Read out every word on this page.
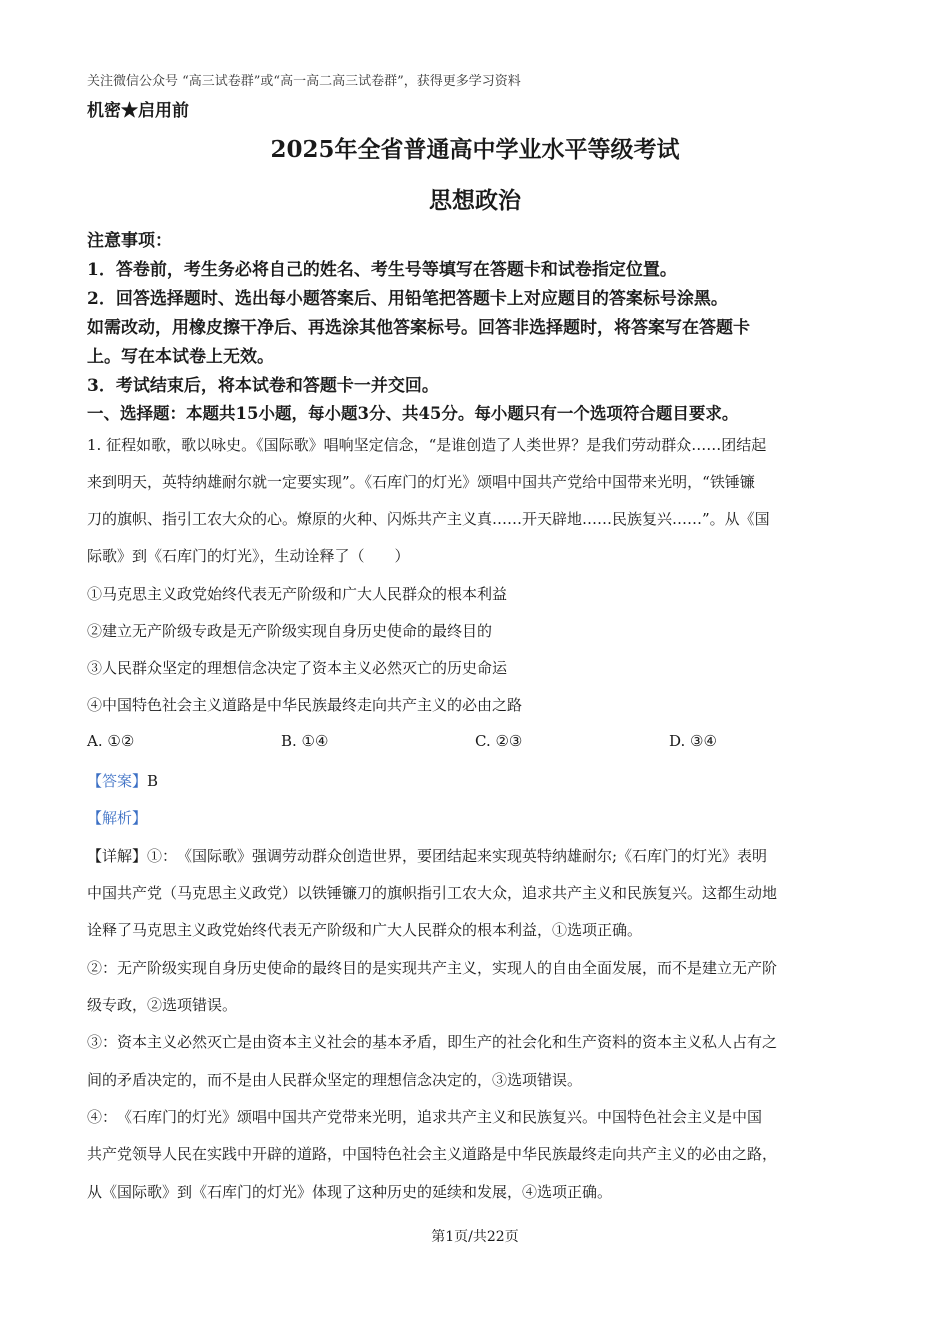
关注微信公众号 “高三试卷群”或“高一高二高三试卷群”，获得更多学习资料
机密★启用前
2025年全省普通高中学业水平等级考试
思想政治
注意事项：
1．答卷前，考生务必将自己的姓名、考生号等填写在答题卡和试卷指定位置。
2．回答选择题时、选出每小题答案后、用铅笔把答题卡上对应题目的答案标号涂黑。
如需改动，用橡皮擦干净后、再选涂其他答案标号。回答非选择题时，将答案写在答题卡
上。写在本试卷上无效。
3．考试结束后，将本试卷和答题卡一并交回。
一、选择题：本题共15小题，每小题3分、共45分。每小题只有一个选项符合题目要求。
1. 征程如歌，歌以咏史。《国际歌》唱响坚定信念，“是谁创造了人类世界？是我们劳动群众……团结起
来到明天，英特纳雄耐尔就一定要实现”。《石库门的灯光》颂唱中国共产党给中国带来光明，“铁锤镰
刀的旗帜、指引工农大众的心。燎原的火种、闪烁共产主义真……开天辟地……民族复兴……”。从《国
际歌》到《石库门的灯光》，生动诠释了（　　）
①马克思主义政党始终代表无产阶级和广大人民群众的根本利益
②建立无产阶级专政是无产阶级实现自身历史使命的最终目的
③人民群众坚定的理想信念决定了资本主义必然灭亡的历史命运
④中国特色社会主义道路是中华民族最终走向共产主义的必由之路
A. ①②	B. ①④	C. ②③	D. ③④
【答案】B
【解析】
【详解】①：　《国际歌》强调劳动群众创造世界，要团结起来实现英特纳雄耐尔;《石库门的灯光》表明
中国共产党（马克思主义政党）以铁锤镰刀的旗帜指引工农大众，追求共产主义和民族复兴。这都生动地
诠释了马克思主义政党始终代表无产阶级和广大人民群众的根本利益，①选项正确。
②：无产阶级实现自身历史使命的最终目的是实现共产主义，实现人的自由全面发展，而不是建立无产阶
级专政，②选项错误。
③：资本主义必然灭亡是由资本主义社会的基本矛盾，即生产的社会化和生产资料的资本主义私人占有之
间的矛盾决定的，而不是由人民群众坚定的理想信念决定的，③选项错误。
④：　《石库门的灯光》颂唱中国共产党带来光明，追求共产主义和民族复兴。中国特色社会主义是中国
共产党领导人民在实践中开辟的道路，中国特色社会主义道路是中华民族最终走向共产主义的必由之路，
从《国际歌》到《石库门的灯光》体现了这种历史的延续和发展，④选项正确。
第1页/共22页
